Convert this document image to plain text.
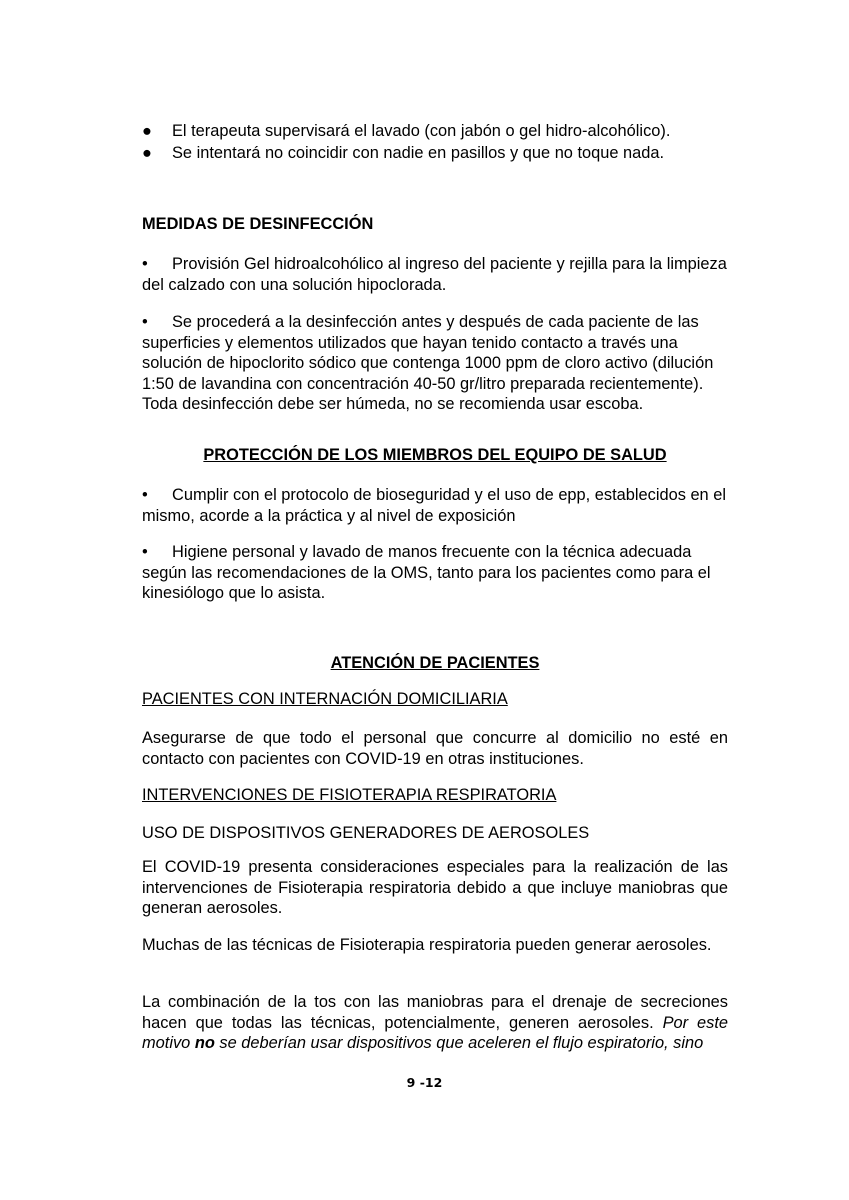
● El terapeuta supervisará el lavado (con jabón o gel hidro-alcohólico).
● Se intentará no coincidir con nadie en pasillos y que no toque nada.
MEDIDAS DE DESINFECCIÓN

• Provisión Gel hidroalcohólico al ingreso del paciente y rejilla para la limpieza del calzado con una solución hipoclorada.

• Se procederá a la desinfección antes y después de cada paciente de las superficies y elementos utilizados que hayan tenido contacto a través una solución de hipoclorito sódico que contenga 1000 ppm de cloro activo (dilución 1:50 de lavandina con concentración 40-50 gr/litro preparada recientemente). Toda desinfección debe ser húmeda, no se recomienda usar escoba.

PROTECCIÓN DE LOS MIEMBROS DEL EQUIPO DE SALUD

• Cumplir con el protocolo de bioseguridad y el uso de epp, establecidos en el mismo, acorde a la práctica y al nivel de exposición

• Higiene personal y lavado de manos frecuente con la técnica adecuada según las recomendaciones de la OMS, tanto para los pacientes como para el kinesiólogo que lo asista.

ATENCIÓN DE PACIENTES

PACIENTES CON INTERNACIÓN DOMICILIARIA

Asegurarse de que todo el personal que concurre al domicilio no esté en contacto con pacientes con COVID-19 en otras instituciones.

INTERVENCIONES DE FISIOTERAPIA RESPIRATORIA

USO DE DISPOSITIVOS GENERADORES DE AEROSOLES

El COVID-19 presenta consideraciones especiales para la realización de las intervenciones de Fisioterapia respiratoria debido a que incluye maniobras que generan aerosoles.

Muchas de las técnicas de Fisioterapia respiratoria pueden generar aerosoles.

La combinación de la tos con las maniobras para el drenaje de secreciones hacen que todas las técnicas, potencialmente, generen aerosoles. Por este motivo no se deberían usar dispositivos que aceleren el flujo espiratorio, sino

9 -12
